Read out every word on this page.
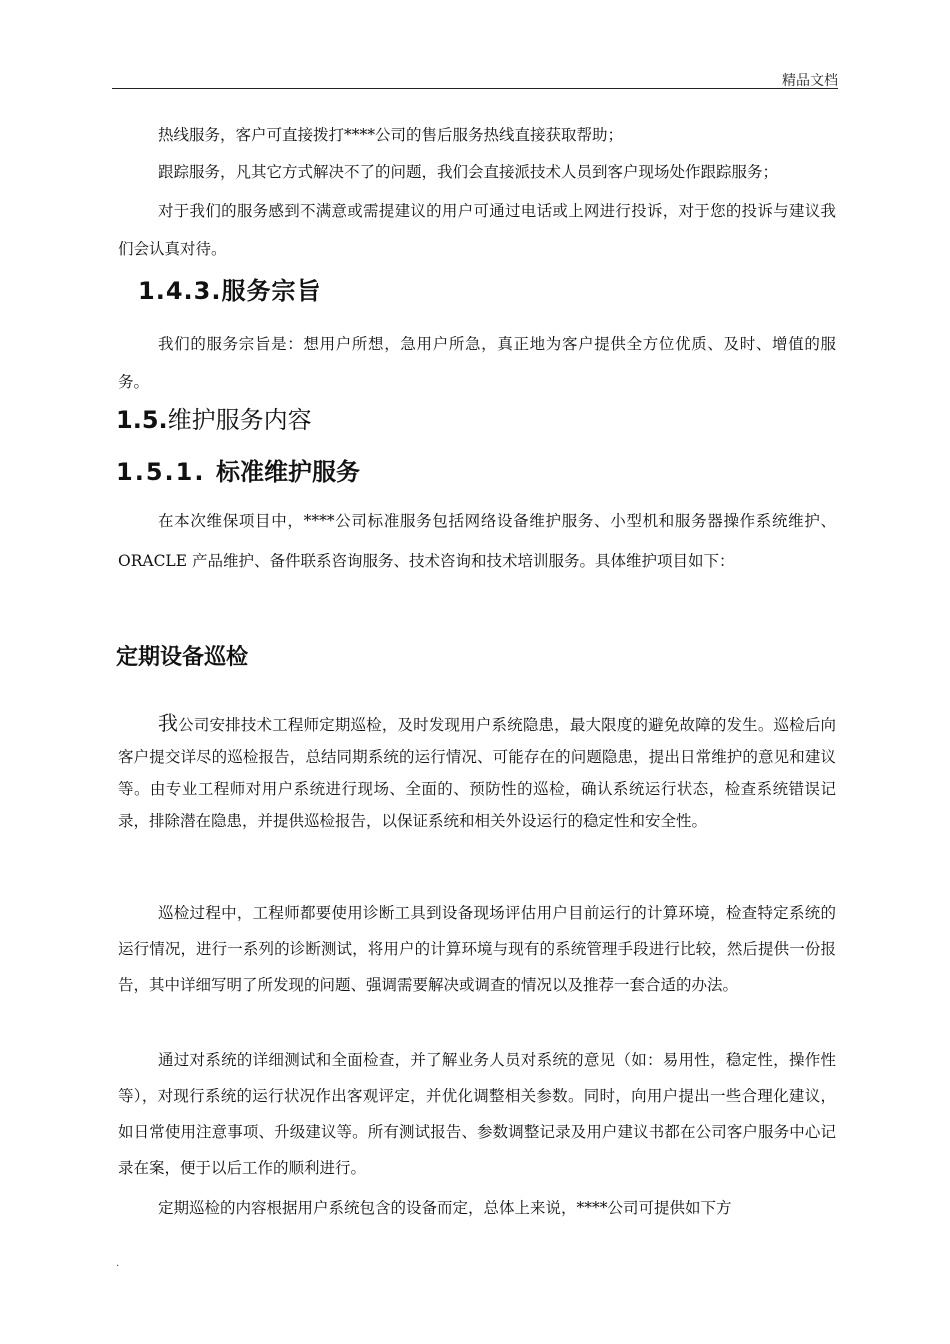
精品文档

热线服务，客户可直接拨打****公司的售后服务热线直接获取帮助；

跟踪服务，凡其它方式解决不了的问题，我们会直接派技术人员到客户现场处作跟踪服务；

对于我们的服务感到不满意或需提建议的用户可通过电话或上网进行投诉，对于您的投诉与建议我们会认真对待。

1.4.3.服务宗旨

我们的服务宗旨是：想用户所想，急用户所急，真正地为客户提供全方位优质、及时、增值的服务。

1.5.维护服务内容
1.5.1. 标准维护服务

在本次维保项目中，****公司标准服务包括网络设备维护服务、小型机和服务器操作系统维护、ORACLE 产品维护、备件联系咨询服务、技术咨询和技术培训服务。具体维护项目如下：

定期设备巡检

我公司安排技术工程师定期巡检，及时发现用户系统隐患，最大限度的避免故障的发生。巡检后向客户提交详尽的巡检报告，总结同期系统的运行情况、可能存在的问题隐患，提出日常维护的意见和建议等。由专业工程师对用户系统进行现场、全面的、预防性的巡检，确认系统运行状态，检查系统错误记录，排除潜在隐患，并提供巡检报告，以保证系统和相关外设运行的稳定性和安全性。

巡检过程中，工程师都要使用诊断工具到设备现场评估用户目前运行的计算环境，检查特定系统的运行情况，进行一系列的诊断测试，将用户的计算环境与现有的系统管理手段进行比较，然后提供一份报告，其中详细写明了所发现的问题、强调需要解决或调查的情况以及推荐一套合适的办法。

通过对系统的详细测试和全面检查，并了解业务人员对系统的意见（如：易用性，稳定性，操作性等），对现行系统的运行状况作出客观评定，并优化调整相关参数。同时，向用户提出一些合理化建议，如日常使用注意事项、升级建议等。所有测试报告、参数调整记录及用户建议书都在公司客户服务中心记录在案，便于以后工作的顺利进行。

定期巡检的内容根据用户系统包含的设备而定，总体上来说，****公司可提供如下方

.
